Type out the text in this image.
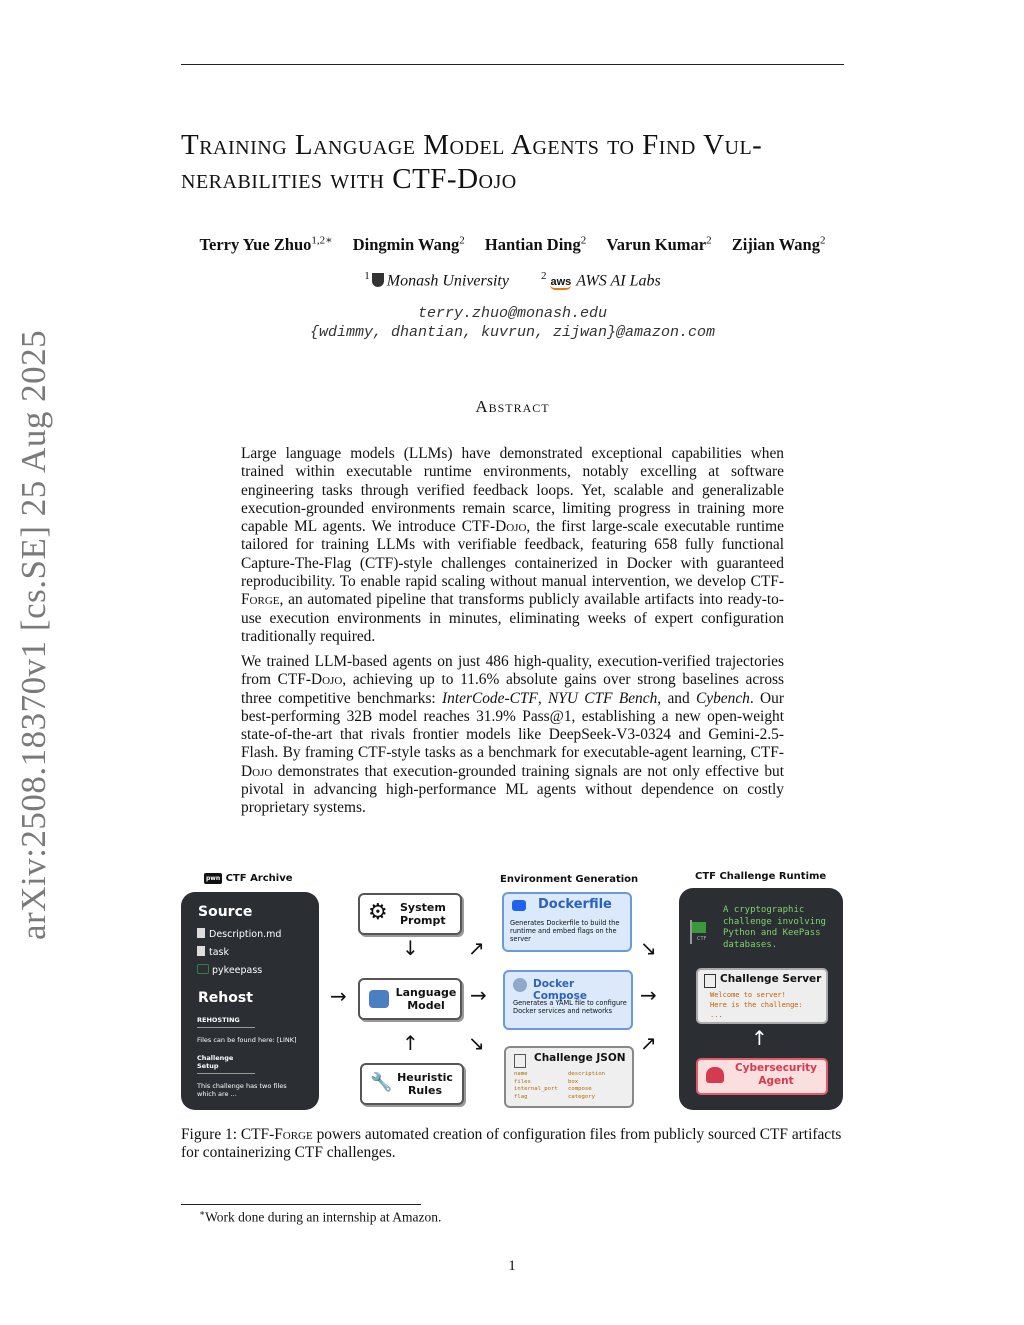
arXiv:2508.18370v1 [cs.SE] 25 Aug 2025
Training Language Model Agents to Find Vul-
nerabilities with CTF-Dojo
Terry Yue Zhuo$^{1,2∗}$ Dingmin Wang$^2$ Hantian Ding$^2$ Varun Kumar$^2$ Zijian Wang$^2$
$^1$ Monash University	$^2$aws AWS AI Labs
terry.zhuo@monash.edu
{wdimmy, dhantian, kuvrun, zijwan}@amazon.com
Abstract

Large language models (LLMs) have demonstrated exceptional capabilities when trained within executable runtime environments, notably excelling at software engineering tasks through verified feedback loops. Yet, scalable and generalizable execution-grounded environments remain scarce, limiting progress in training more capable ML agents. We introduce CTF-Dojo, the first large-scale executable runtime tailored for training LLMs with verifiable feedback, featuring 658 fully functional Capture-The-Flag (CTF)-style challenges containerized in Docker with guaranteed reproducibility. To enable rapid scaling without manual intervention, we develop CTF-Forge, an automated pipeline that transforms publicly available artifacts into ready-to-use execution environments in minutes, eliminating weeks of expert configuration traditionally required.

We trained LLM-based agents on just 486 high-quality, execution-verified trajectories from CTF-Dojo, achieving up to 11.6% absolute gains over strong baselines across three competitive benchmarks: InterCode-CTF, NYU CTF Bench, and Cybench. Our best-performing 32B model reaches 31.9% Pass@1, establishing a new open-weight state-of-the-art that rivals frontier models like DeepSeek-V3-0324 and Gemini-2.5-Flash. By framing CTF-style tasks as a benchmark for executable-agent learning, CTF-Dojo demonstrates that execution-grounded training signals are not only effective but pivotal in advancing high-performance ML agents without dependence on costly proprietary systems.

pwn CTF Archive
Source
Description.md
task
pykeepass
Rehost
REHOSTING
Files can be found here: [LINK]
Challenge Setup
This challenge has two files which are ...
⚙ System Prompt
Language Model
🔧 Heuristic Rules
↓
↑
→
Environment Generation
↗
→
↘
Dockerfile
Generates Dockerfile to build the runtime and embed flags on the server
Docker Compose
Generates a YAML file to configure Docker services and networks
Challenge JSON
name	description
files	box
internal_port	compose
flag	category
↘
→
↗
CTF Challenge Runtime
CTF
A cryptographic challenge involving Python and KeePass databases.
Challenge Server
Welcome to server!
Here is the challenge:
...
↑
Cybersecurity Agent
Figure 1: CTF-Forge powers automated creation of configuration files from publicly sourced CTF artifacts for containerizing CTF challenges.
∗Work done during an internship at Amazon.
1
